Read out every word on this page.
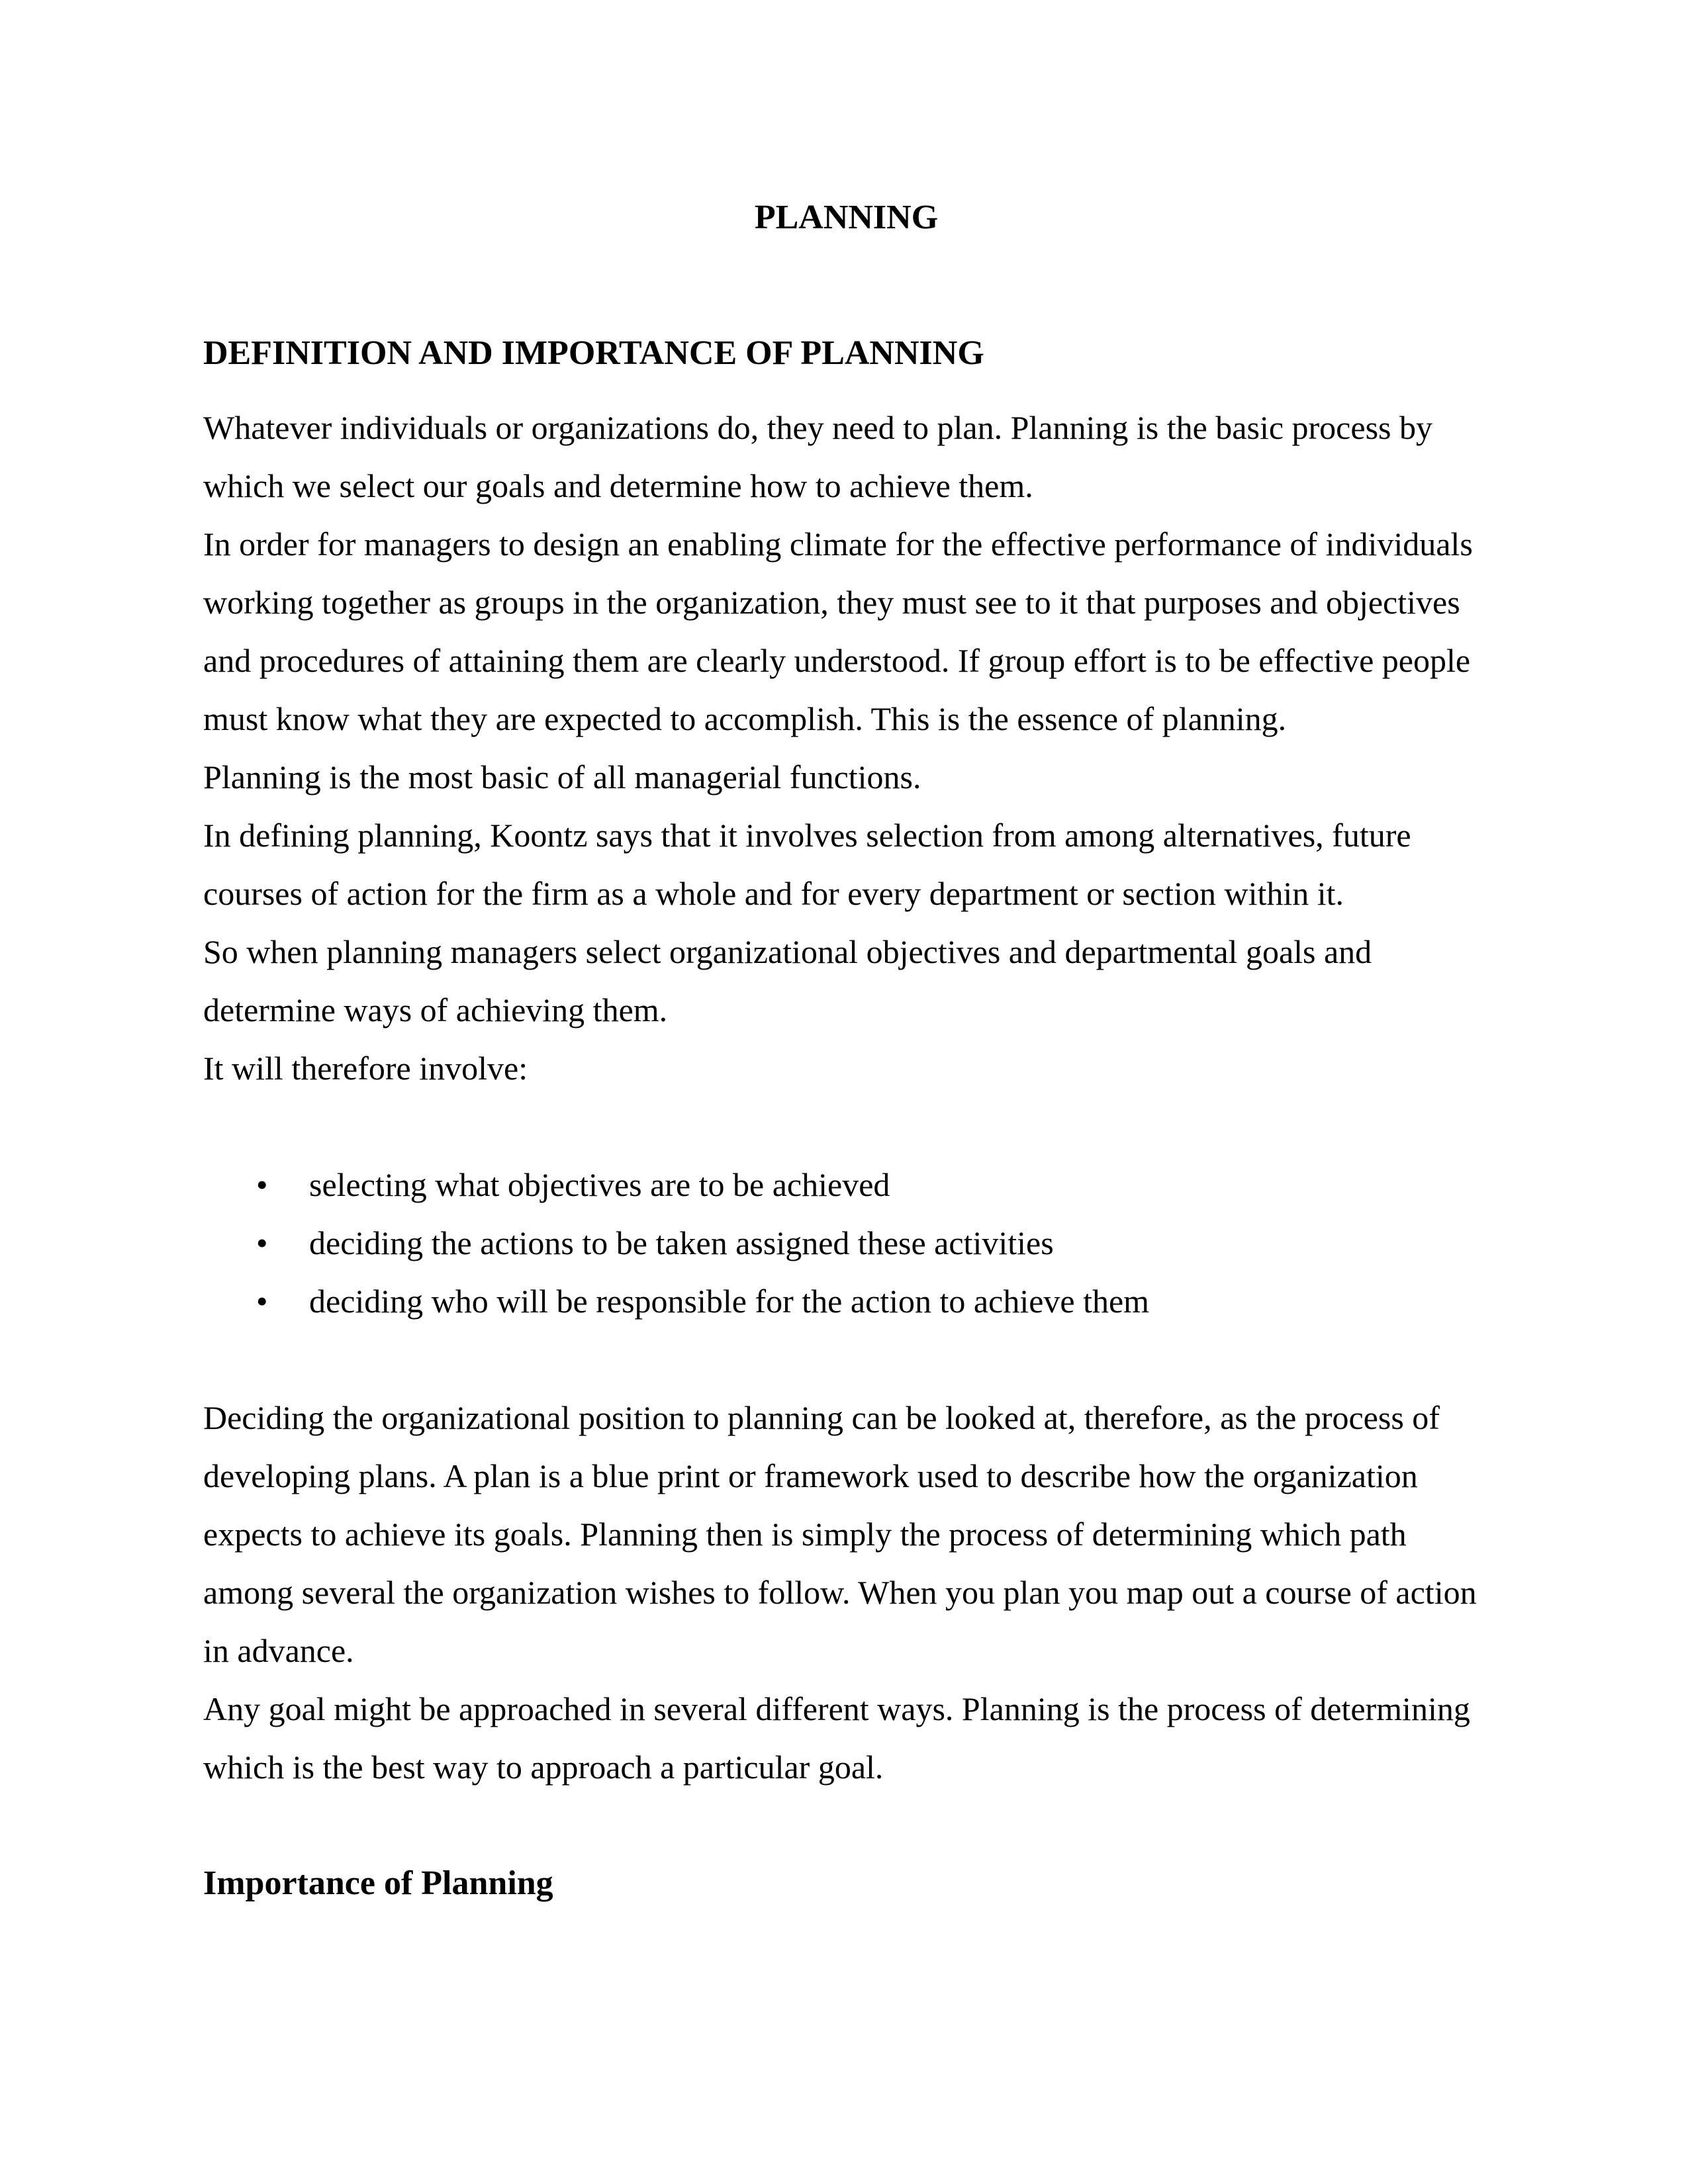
PLANNING
DEFINITION AND IMPORTANCE OF PLANNING
Whatever individuals or organizations do, they need to plan. Planning is the basic process by
which we select our goals and determine how to achieve them.
In order for managers to design an enabling climate for the effective performance of individuals
working together as groups in the organization, they must see to it that purposes and objectives
and procedures of attaining them are clearly understood. If group effort is to be effective people
must know what they are expected to accomplish. This is the essence of planning.
Planning is the most basic of all managerial functions.
In defining planning, Koontz says that it involves selection from among alternatives, future
courses of action for the firm as a whole and for every department or section within it.
So when planning managers select organizational objectives and departmental goals and
determine ways of achieving them.
It will therefore involve:
• selecting what objectives are to be achieved
• deciding the actions to be taken assigned these activities
• deciding who will be responsible for the action to achieve them
Deciding the organizational position to planning can be looked at, therefore, as the process of
developing plans. A plan is a blue print or framework used to describe how the organization
expects to achieve its goals. Planning then is simply the process of determining which path
among several the organization wishes to follow. When you plan you map out a course of action
in advance.
Any goal might be approached in several different ways. Planning is the process of determining
which is the best way to approach a particular goal.
Importance of Planning
